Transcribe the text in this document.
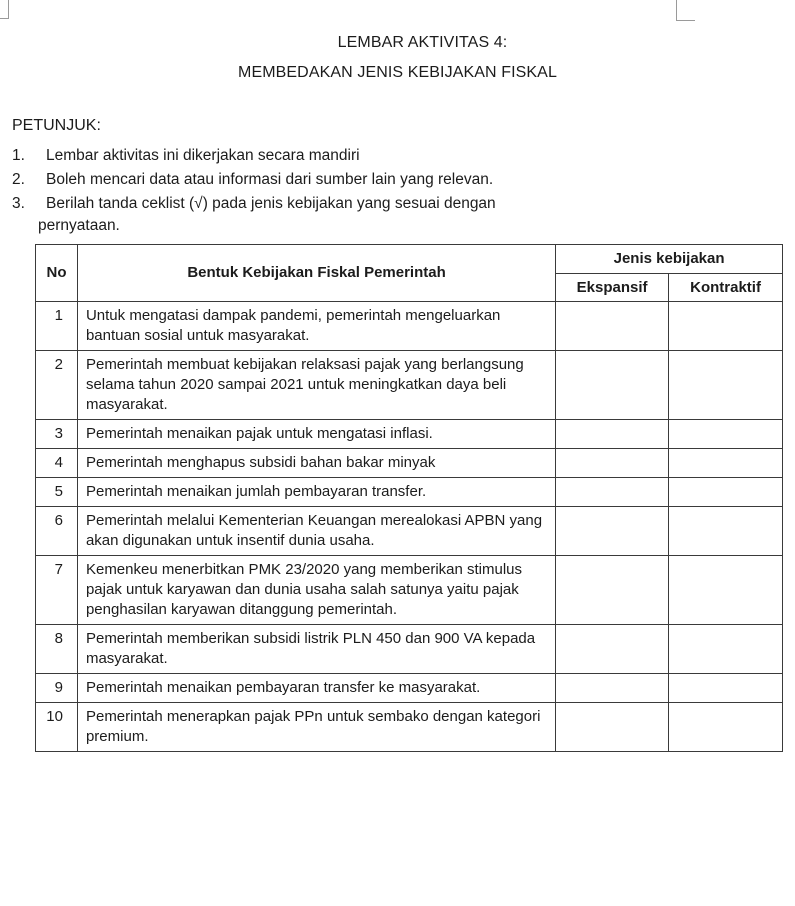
LEMBAR AKTIVITAS 4:
MEMBEDAKAN JENIS KEBIJAKAN FISKAL
PETUNJUK:
1.	Lembar aktivitas ini dikerjakan secara mandiri
2.	Boleh mencari data atau informasi dari sumber lain yang relevan.
3.	Berilah tanda ceklist (√) pada jenis kebijakan yang sesuai dengan
pernyataan.
No	Bentuk Kebijakan Fiskal Pemerintah	Jenis kebijakan	
		Ekspansif	Kontraktif
1	Untuk mengatasi dampak pandemi, pemerintah mengeluarkan bantuan sosial untuk masyarakat.		
2	Pemerintah membuat kebijakan relaksasi pajak yang berlangsung selama tahun 2020 sampai 2021 untuk meningkatkan daya beli masyarakat.		
3	Pemerintah menaikan pajak untuk mengatasi inflasi.		
4	Pemerintah menghapus subsidi bahan bakar minyak		
5	Pemerintah menaikan jumlah pembayaran transfer.		
6	Pemerintah melalui Kementerian Keuangan merealokasi APBN yang akan digunakan untuk insentif dunia usaha.		
7	Kemenkeu menerbitkan PMK 23/2020 yang memberikan stimulus pajak untuk karyawan dan dunia usaha salah satunya yaitu pajak penghasilan karyawan ditanggung pemerintah.		
8	Pemerintah memberikan subsidi listrik PLN 450 dan 900 VA kepada masyarakat.		
9	Pemerintah menaikan pembayaran transfer ke masyarakat.		
10	Pemerintah menerapkan pajak PPn untuk sembako dengan kategori premium.		
